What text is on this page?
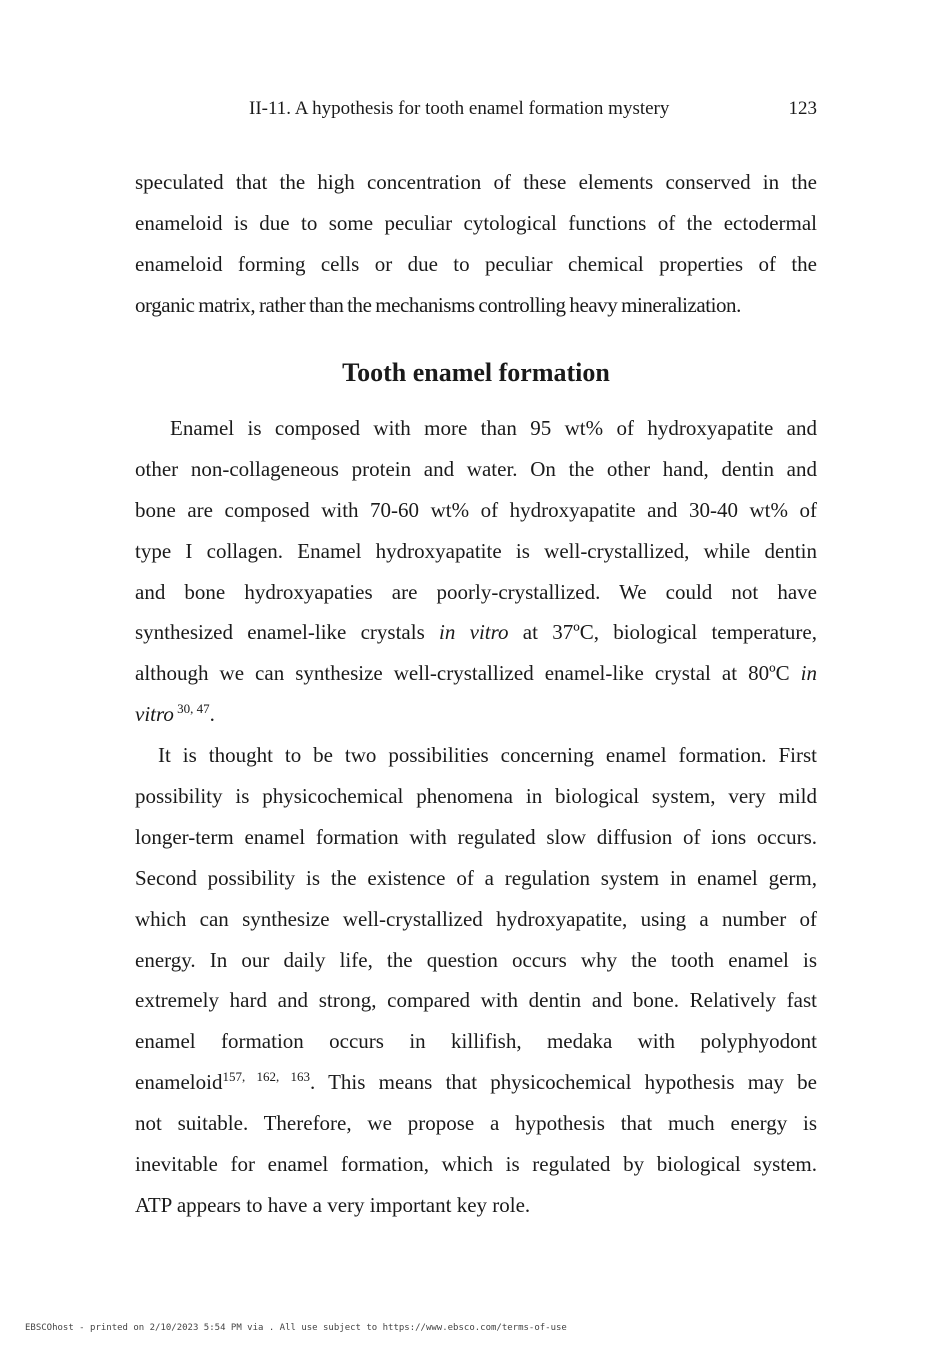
II-11. A hypothesis for tooth enamel formation mystery	123
speculated that the high concentration of these elements conserved in the
enameloid is due to some peculiar cytological functions of the ectodermal
enameloid forming cells or due to peculiar chemical properties of the
organic matrix, rather than the mechanisms controlling heavy mineralization.
Tooth enamel formation
Enamel is composed with more than 95 wt% of hydroxyapatite and
other non-collageneous protein and water. On the other hand, dentin and
bone are composed with 70-60 wt% of hydroxyapatite and 30-40 wt% of
type I collagen. Enamel hydroxyapatite is well-crystallized, while dentin
and bone hydroxyapaties are poorly-crystallized. We could not have
synthesized enamel-like crystals in vitro at 37ºC, biological temperature,
although we can synthesize well-crystallized enamel-like crystal at 80ºC in
vitro $^{30, 47}$.
It is thought to be two possibilities concerning enamel formation. First
possibility is physicochemical phenomena in biological system, very mild
longer-term enamel formation with regulated slow diffusion of ions occurs.
Second possibility is the existence of a regulation system in enamel germ,
which can synthesize well-crystallized hydroxyapatite, using a number of
energy. In our daily life, the question occurs why the tooth enamel is
extremely hard and strong, compared with dentin and bone. Relatively fast
enamel formation occurs in killifish, medaka with polyphyodont
enameloid$^{157, 162, 163}$. This means that physicochemical hypothesis may be
not suitable. Therefore, we propose a hypothesis that much energy is
inevitable for enamel formation, which is regulated by biological system.
ATP appears to have a very important key role.
EBSCOhost - printed on 2/10/2023 5:54 PM via . All use subject to https://www.ebsco.com/terms-of-use
